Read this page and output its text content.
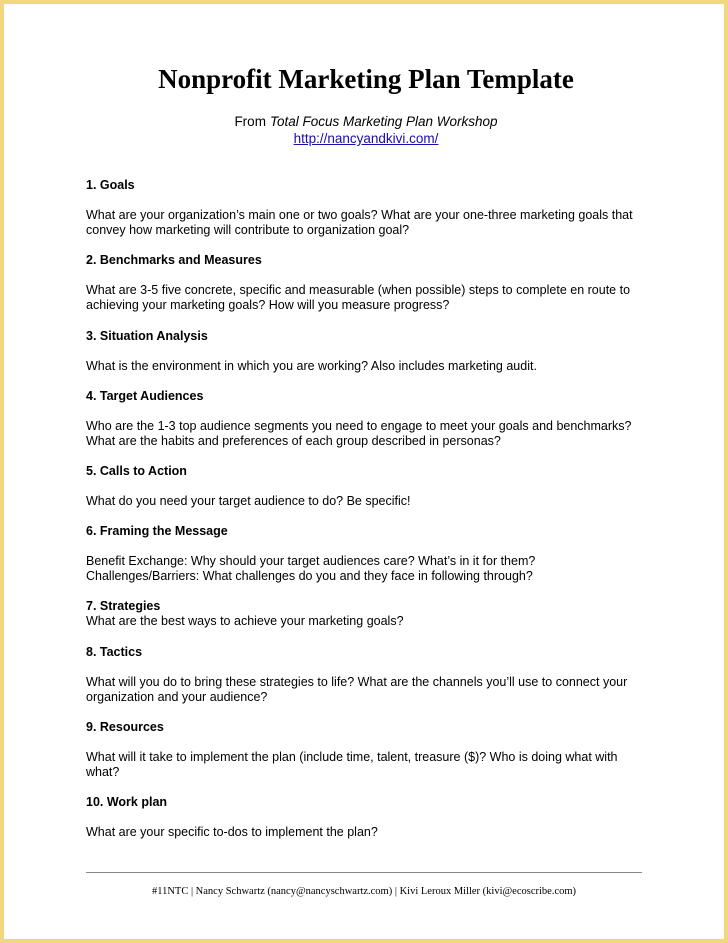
Nonprofit Marketing Plan Template
From Total Focus Marketing Plan Workshop
http://nancyandkivi.com/
1. Goals
What are your organization’s main one or two goals? What are your one-three marketing goals that convey how marketing will contribute to organization goal?
2. Benchmarks and Measures
What are 3-5 five concrete, specific and measurable (when possible) steps to complete en route to achieving your marketing goals? How will you measure progress?
3. Situation Analysis
What is the environment in which you are working? Also includes marketing audit.
4. Target Audiences
Who are the 1-3 top audience segments you need to engage to meet your goals and benchmarks? What are the habits and preferences of each group described in personas?
5. Calls to Action
What do you need your target audience to do? Be specific!
6. Framing the Message
Benefit Exchange: Why should your target audiences care? What’s in it for them?
Challenges/Barriers: What challenges do you and they face in following through?
7. Strategies
What are the best ways to achieve your marketing goals?
8. Tactics
What will you do to bring these strategies to life? What are the channels you’ll use to connect your organization and your audience?
9. Resources
What will it take to implement the plan (include time, talent, treasure ($)? Who is doing what with what?
10. Work plan
What are your specific to-dos to implement the plan?
#11NTC | Nancy Schwartz (nancy@nancyschwartz.com) | Kivi Leroux Miller (kivi@ecoscribe.com)
